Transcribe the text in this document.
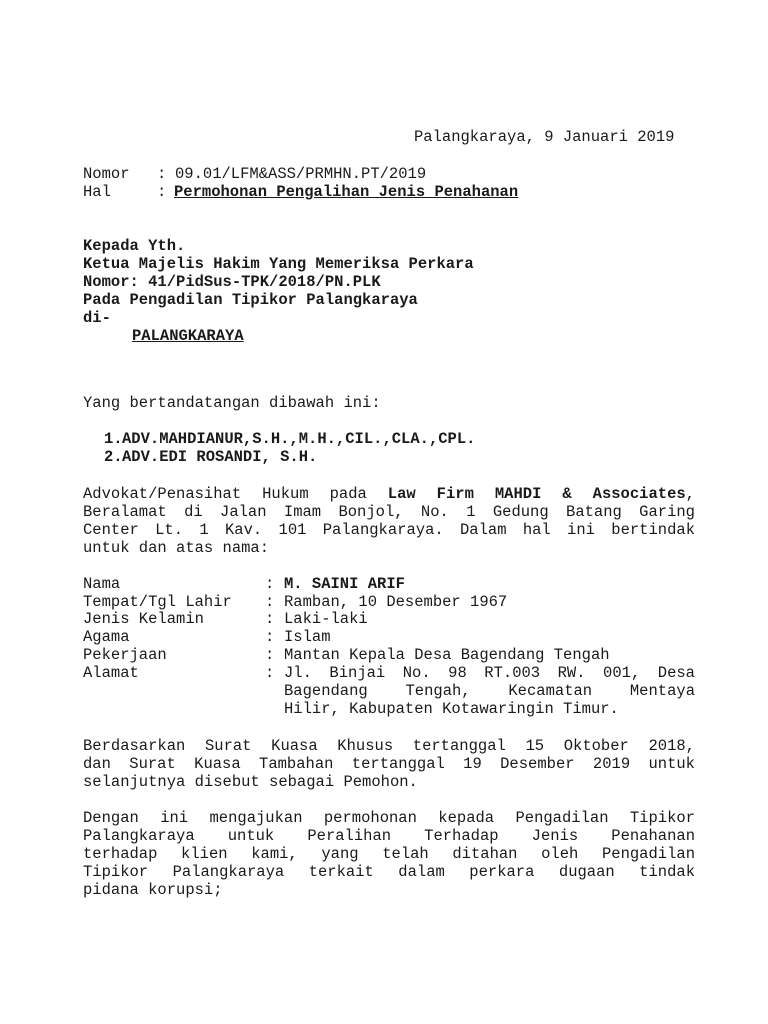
Palangkaraya, 9 Januari 2019
Nomor : 09.01/LFM&ASS/PRMHN.PT/2019
Hal	: Permohonan Pengalihan Jenis Penahanan
Kepada Yth.
Ketua Majelis Hakim Yang Memeriksa Perkara
Nomor: 41/PidSus-TPK/2018/PN.PLK
Pada Pengadilan Tipikor Palangkaraya
di-
PALANGKARAYA
Yang bertandatangan dibawah ini:
1. ADV.MAHDIANUR,S.H.,M.H.,CIL.,CLA.,CPL.
2. ADV.EDI ROSANDI, S.H.
Advokat/Penasihat Hukum pada Law Firm MAHDI & Associates,
Beralamat di Jalan Imam Bonjol, No. 1 Gedung Batang Garing
Center Lt. 1 Kav. 101 Palangkaraya. Dalam hal ini bertindak
untuk dan atas nama:
Nama	: M. SAINI ARIF
Tempat/Tgl Lahir : Ramban, 10 Desember 1967
Jenis Kelamin	: Laki-laki
Agama	: Islam
Pekerjaan	: Mantan Kepala Desa Bagendang Tengah
Alamat	: Jl. Binjai No. 98 RT.003 RW. 001, Desa
Bagendang Tengah, Kecamatan Mentaya
Hilir, Kabupaten Kotawaringin Timur.
Berdasarkan Surat Kuasa Khusus tertanggal 15 Oktober 2018,
dan Surat Kuasa Tambahan tertanggal 19 Desember 2019 untuk
selanjutnya disebut sebagai Pemohon.
Dengan ini mengajukan permohonan kepada Pengadilan Tipikor
Palangkaraya untuk Peralihan Terhadap Jenis Penahanan
terhadap klien kami, yang telah ditahan oleh Pengadilan
Tipikor Palangkaraya terkait dalam perkara dugaan tindak
pidana korupsi;
